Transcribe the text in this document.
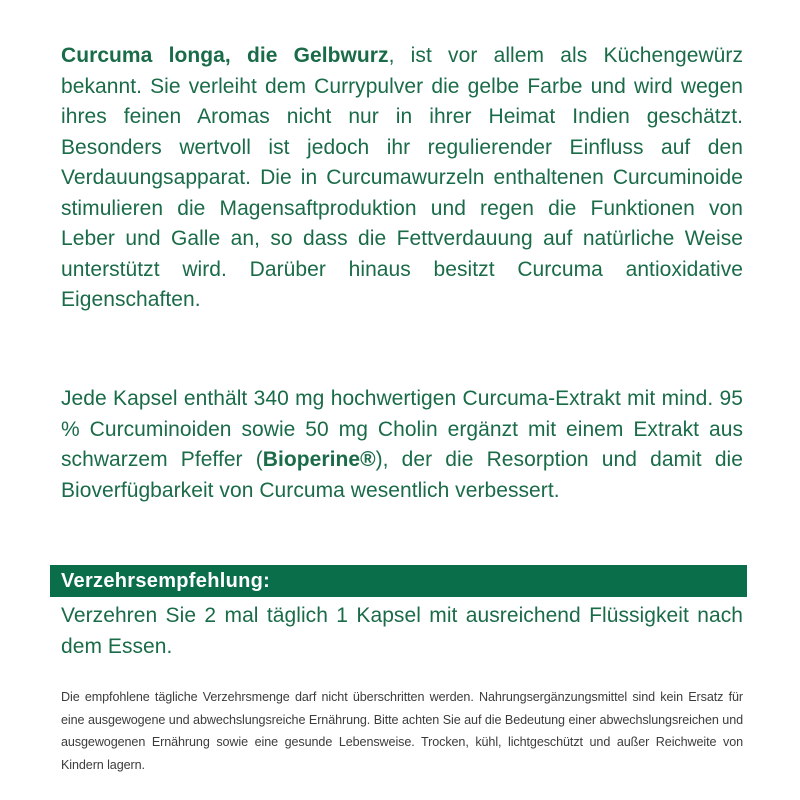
Curcuma longa, die Gelbwurz, ist vor allem als Küchengewürz bekannt. Sie verleiht dem Currypulver die gelbe Farbe und wird wegen ihres feinen Aromas nicht nur in ihrer Heimat Indien geschätzt. Besonders wertvoll ist jedoch ihr regulierender Einfluss auf den Verdauungsapparat. Die in Curcumawurzeln enthaltenen Curcuminoide stimulieren die Magensaftproduktion und regen die Funktionen von Leber und Galle an, so dass die Fettverdauung auf natürliche Weise unterstützt wird. Darüber hinaus besitzt Curcuma antioxidative Eigenschaften.

Jede Kapsel enthält 340 mg hochwertigen Curcuma-Extrakt mit mind. 95 % Curcuminoiden sowie 50 mg Cholin ergänzt mit einem Extrakt aus schwarzem Pfeffer (Bioperine®), der die Resorption und damit die Bioverfügbarkeit von Curcuma wesentlich verbessert.

Verzehrsempfehlung:

Verzehren Sie 2 mal täglich 1 Kapsel mit ausreichend Flüssigkeit nach dem Essen.

Die empfohlene tägliche Verzehrsmenge darf nicht überschritten werden. Nahrungsergänzungsmittel sind kein Ersatz für eine ausgewogene und abwechslungsreiche Ernährung. Bitte achten Sie auf die Bedeutung einer abwechslungsreichen und ausgewogenen Ernährung sowie eine gesunde Lebensweise. Trocken, kühl, lichtgeschützt und außer Reichweite von Kindern lagern.
